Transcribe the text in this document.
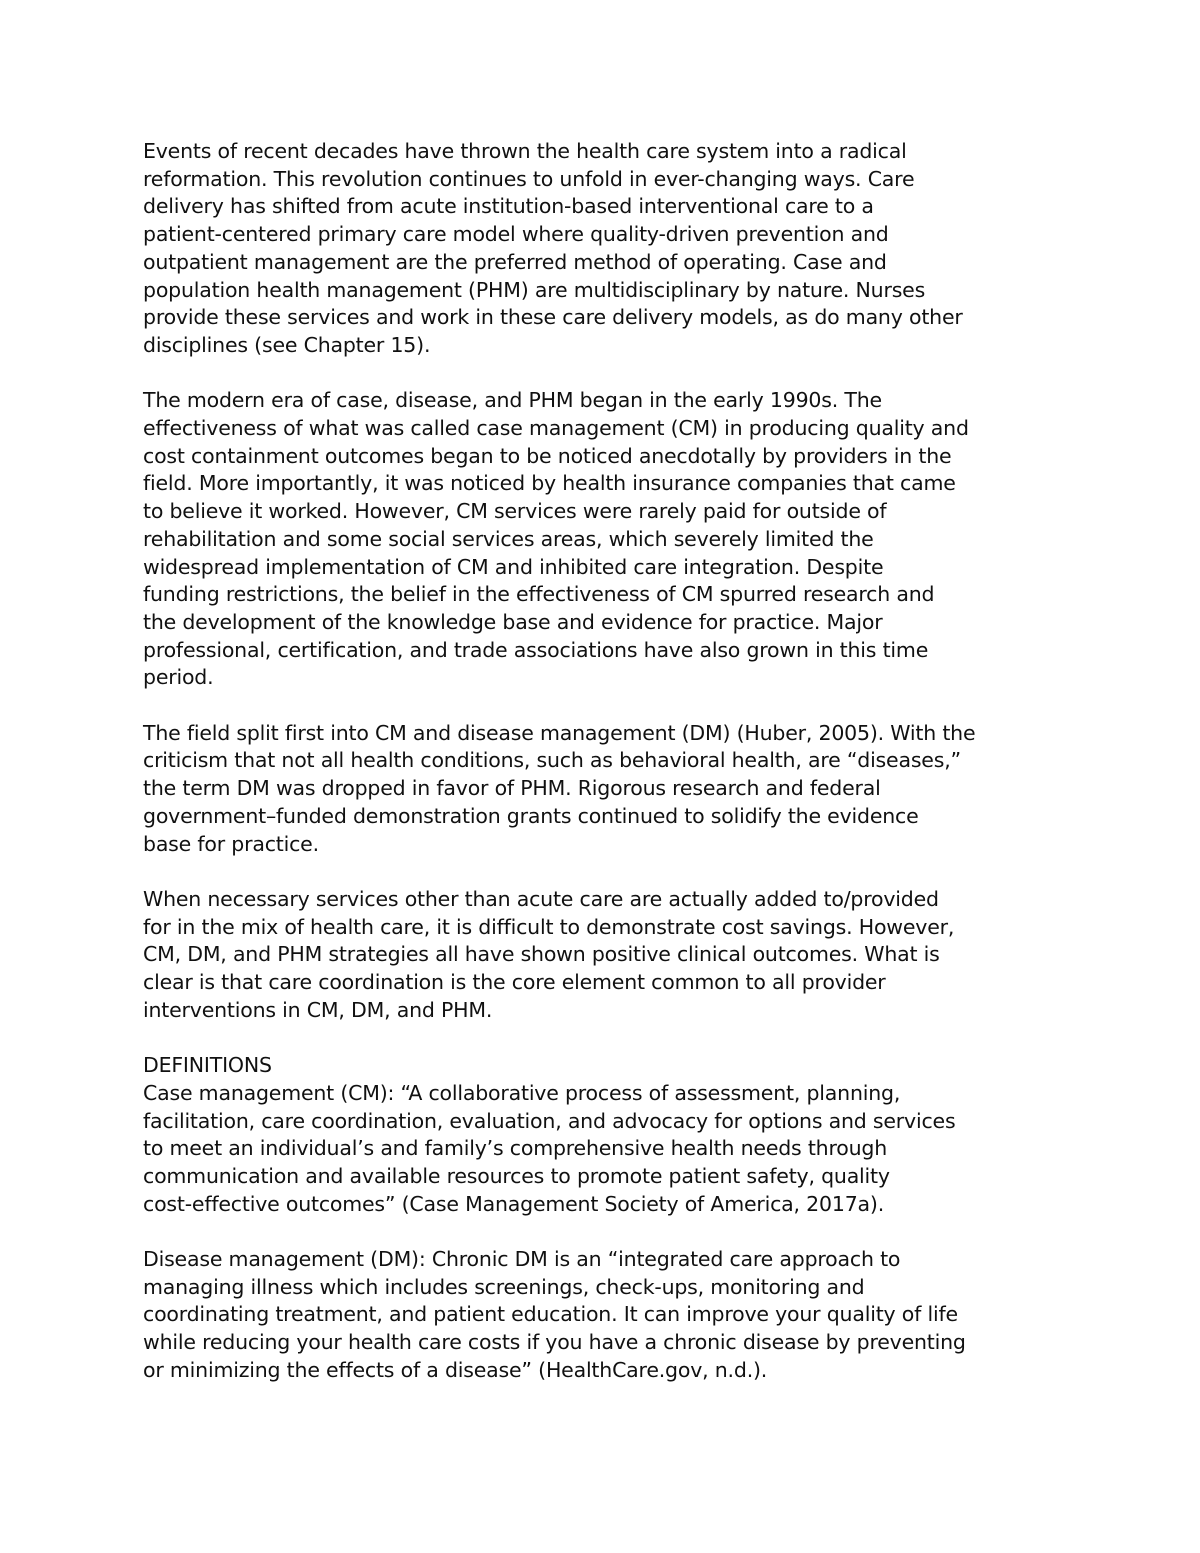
Events of recent decades have thrown the health care system into a radical
reformation. This revolution continues to unfold in ever-changing ways. Care
delivery has shifted from acute institution-based interventional care to a
patient-centered primary care model where quality-driven prevention and
outpatient management are the preferred method of operating. Case and
population health management (PHM) are multidisciplinary by nature. Nurses
provide these services and work in these care delivery models, as do many other
disciplines (see Chapter 15).

The modern era of case, disease, and PHM began in the early 1990s. The
effectiveness of what was called case management (CM) in producing quality and
cost containment outcomes began to be noticed anecdotally by providers in the
field. More importantly, it was noticed by health insurance companies that came
to believe it worked. However, CM services were rarely paid for outside of
rehabilitation and some social services areas, which severely limited the
widespread implementation of CM and inhibited care integration. Despite
funding restrictions, the belief in the effectiveness of CM spurred research and
the development of the knowledge base and evidence for practice. Major
professional, certification, and trade associations have also grown in this time
period.

The field split first into CM and disease management (DM) (Huber, 2005). With the
criticism that not all health conditions, such as behavioral health, are “diseases,”
the term DM was dropped in favor of PHM. Rigorous research and federal
government–funded demonstration grants continued to solidify the evidence
base for practice.

When necessary services other than acute care are actually added to/provided
for in the mix of health care, it is difficult to demonstrate cost savings. However,
CM, DM, and PHM strategies all have shown positive clinical outcomes. What is
clear is that care coordination is the core element common to all provider
interventions in CM, DM, and PHM.

DEFINITIONS

Case management (CM): “A collaborative process of assessment, planning,
facilitation, care coordination, evaluation, and advocacy for options and services
to meet an individual’s and family’s comprehensive health needs through
communication and available resources to promote patient safety, quality
cost-effective outcomes” (Case Management Society of America, 2017a).

Disease management (DM): Chronic DM is an “integrated care approach to
managing illness which includes screenings, check-ups, monitoring and
coordinating treatment, and patient education. It can improve your quality of life
while reducing your health care costs if you have a chronic disease by preventing
or minimizing the effects of a disease” (HealthCare.gov, n.d.).
